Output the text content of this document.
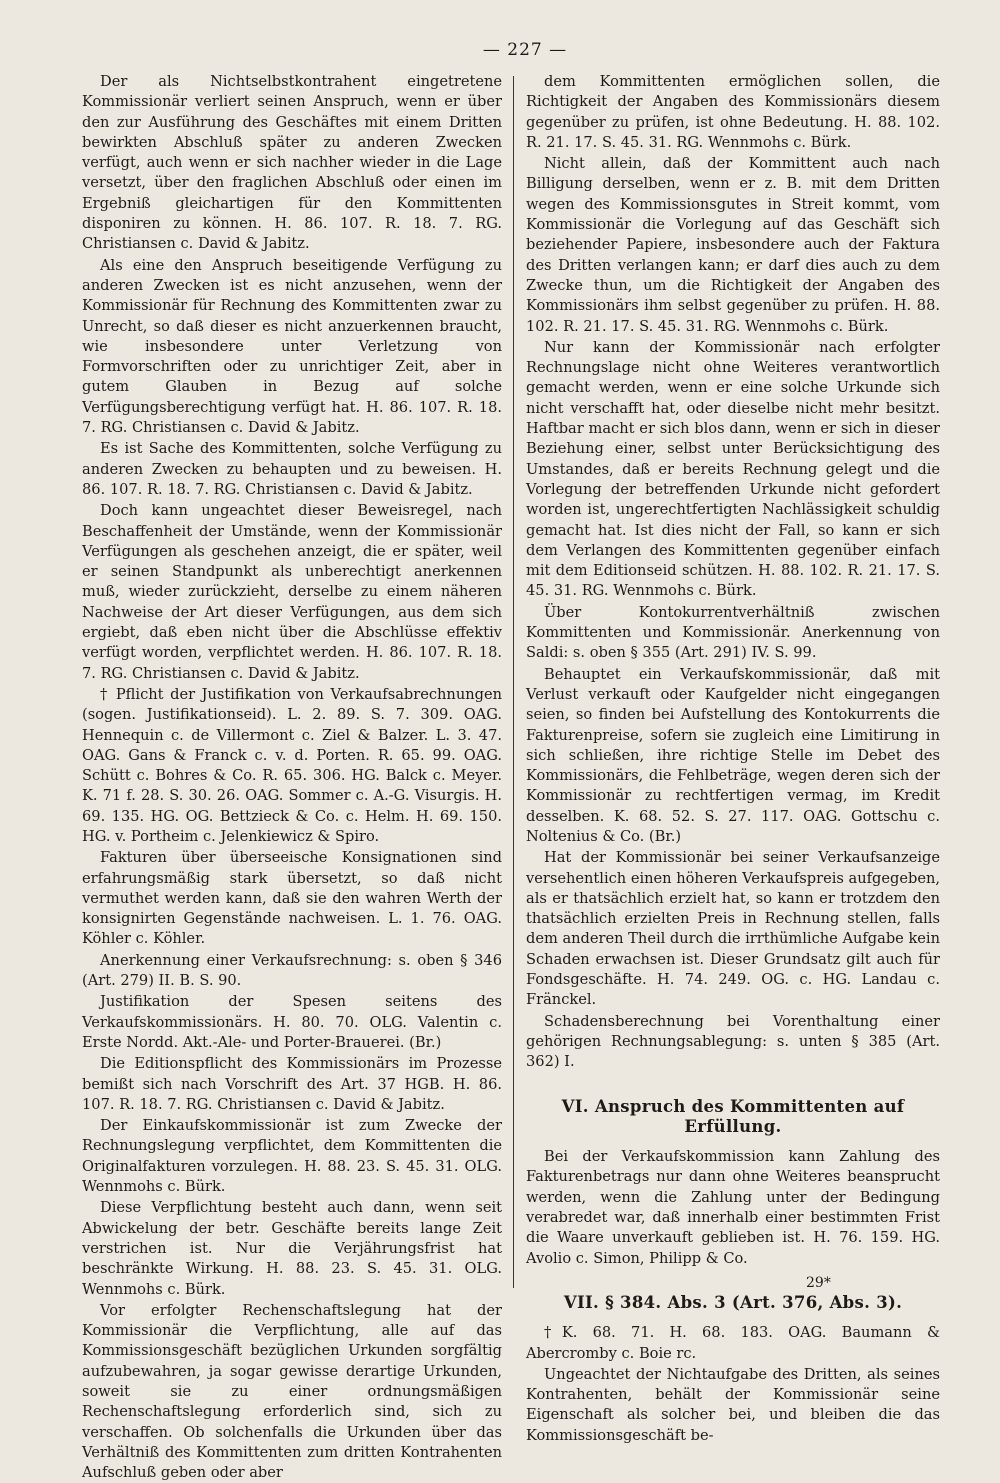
— 227 —

Der als Nichtselbstkontrahent eingetretene Kommissionär verliert seinen Anspruch, wenn er über den zur Ausführung des Geschäftes mit einem Dritten bewirkten Abschluß später zu anderen Zwecken verfügt, auch wenn er sich nachher wieder in die Lage versetzt, über den fraglichen Abschluß oder einen im Ergebniß gleichartigen für den Kommittenten disponiren zu können. H. 86. 107. R. 18. 7. RG. Christiansen c. David & Jabitz.

Als eine den Anspruch beseitigende Verfügung zu anderen Zwecken ist es nicht anzusehen, wenn der Kommissionär für Rechnung des Kommittenten zwar zu Unrecht, so daß dieser es nicht anzuerkennen braucht, wie insbesondere unter Verletzung von Formvorschriften oder zu unrichtiger Zeit, aber in gutem Glauben in Bezug auf solche Verfügungsberechtigung verfügt hat. H. 86. 107. R. 18. 7. RG. Christiansen c. David & Jabitz.

Es ist Sache des Kommittenten, solche Verfügung zu anderen Zwecken zu behaupten und zu beweisen. H. 86. 107. R. 18. 7. RG. Christiansen c. David & Jabitz.

Doch kann ungeachtet dieser Beweisregel, nach Beschaffenheit der Umstände, wenn der Kommissionär Verfügungen als geschehen anzeigt, die er später, weil er seinen Standpunkt als unberechtigt anerkennen muß, wieder zurückzieht, derselbe zu einem näheren Nachweise der Art dieser Verfügungen, aus dem sich ergiebt, daß eben nicht über die Abschlüsse effektiv verfügt worden, verpflichtet werden. H. 86. 107. R. 18. 7. RG. Christiansen c. David & Jabitz.

† Pflicht der Justifikation von Verkaufsabrechnungen (sogen. Justifikationseid). L. 2. 89. S. 7. 309. OAG. Hennequin c. de Villermont c. Ziel & Balzer. L. 3. 47. OAG. Gans & Franck c. v. d. Porten. R. 65. 99. OAG. Schütt c. Bohres & Co. R. 65. 306. HG. Balck c. Meyer. K. 71 f. 28. S. 30. 26. OAG. Sommer c. A.-G. Visurgis. H. 69. 135. HG. OG. Bettzieck & Co. c. Helm. H. 69. 150. HG. v. Portheim c. Jelenkiewicz & Spiro.

Fakturen über überseeische Konsignationen sind erfahrungsmäßig stark übersetzt, so daß nicht vermuthet werden kann, daß sie den wahren Werth der konsignirten Gegenstände nachweisen. L. 1. 76. OAG. Köhler c. Köhler.

Anerkennung einer Verkaufsrechnung: s. oben § 346 (Art. 279) II. B. S. 90.

Justifikation der Spesen seitens des Verkaufskommissionärs. H. 80. 70. OLG. Valentin c. Erste Nordd. Akt.-Ale- und Porter-Brauerei. (Br.)

Die Editionspflicht des Kommissionärs im Prozesse bemißt sich nach Vorschrift des Art. 37 HGB. H. 86. 107. R. 18. 7. RG. Christiansen c. David & Jabitz.

Der Einkaufskommissionär ist zum Zwecke der Rechnungslegung verpflichtet, dem Kommittenten die Originalfakturen vorzulegen. H. 88. 23. S. 45. 31. OLG. Wennmohs c. Bürk.

Diese Verpflichtung besteht auch dann, wenn seit Abwickelung der betr. Geschäfte bereits lange Zeit verstrichen ist. Nur die Verjährungsfrist hat beschränkte Wirkung. H. 88. 23. S. 45. 31. OLG. Wennmohs c. Bürk.

Vor erfolgter Rechenschaftslegung hat der Kommissionär die Verpflichtung, alle auf das Kommissionsgeschäft bezüglichen Urkunden sorgfältig aufzubewahren, ja sogar gewisse derartige Urkunden, soweit sie zu einer ordnungsmäßigen Rechenschaftslegung erforderlich sind, sich zu verschaffen. Ob solchenfalls die Urkunden über das Verhältniß des Kommittenten zum dritten Kontrahenten Aufschluß geben oder aber

dem Kommittenten ermöglichen sollen, die Richtigkeit der Angaben des Kommissionärs diesem gegenüber zu prüfen, ist ohne Bedeutung. H. 88. 102. R. 21. 17. S. 45. 31. RG. Wennmohs c. Bürk.

Nicht allein, daß der Kommittent auch nach Billigung derselben, wenn er z. B. mit dem Dritten wegen des Kommissionsgutes in Streit kommt, vom Kommissionär die Vorlegung auf das Geschäft sich beziehender Papiere, insbesondere auch der Faktura des Dritten verlangen kann; er darf dies auch zu dem Zwecke thun, um die Richtigkeit der Angaben des Kommissionärs ihm selbst gegenüber zu prüfen. H. 88. 102. R. 21. 17. S. 45. 31. RG. Wennmohs c. Bürk.

Nur kann der Kommissionär nach erfolgter Rechnungslage nicht ohne Weiteres verantwortlich gemacht werden, wenn er eine solche Urkunde sich nicht verschafft hat, oder dieselbe nicht mehr besitzt. Haftbar macht er sich blos dann, wenn er sich in dieser Beziehung einer, selbst unter Berücksichtigung des Umstandes, daß er bereits Rechnung gelegt und die Vorlegung der betreffenden Urkunde nicht gefordert worden ist, ungerechtfertigten Nachlässigkeit schuldig gemacht hat. Ist dies nicht der Fall, so kann er sich dem Verlangen des Kommittenten gegenüber einfach mit dem Editionseid schützen. H. 88. 102. R. 21. 17. S. 45. 31. RG. Wennmohs c. Bürk.

Über Kontokurrentverhältniß zwischen Kommittenten und Kommissionär. Anerkennung von Saldi: s. oben § 355 (Art. 291) IV. S. 99.

Behauptet ein Verkaufskommissionär, daß mit Verlust verkauft oder Kaufgelder nicht eingegangen seien, so finden bei Aufstellung des Kontokurrents die Fakturenpreise, sofern sie zugleich eine Limitirung in sich schließen, ihre richtige Stelle im Debet des Kommissionärs, die Fehlbeträge, wegen deren sich der Kommissionär zu rechtfertigen vermag, im Kredit desselben. K. 68. 52. S. 27. 117. OAG. Gottschu c. Noltenius & Co. (Br.)

Hat der Kommissionär bei seiner Verkaufsanzeige versehentlich einen höheren Verkaufspreis aufgegeben, als er thatsächlich erzielt hat, so kann er trotzdem den thatsächlich erzielten Preis in Rechnung stellen, falls dem anderen Theil durch die irrthümliche Aufgabe kein Schaden erwachsen ist. Dieser Grundsatz gilt auch für Fondsgeschäfte. H. 74. 249. OG. c. HG. Landau c. Fränckel.

Schadensberechnung bei Vorenthaltung einer gehörigen Rechnungsablegung: s. unten § 385 (Art. 362) I.

VI. Anspruch des Kommittenten auf Erfüllung.

Bei der Verkaufskommission kann Zahlung des Fakturenbetrags nur dann ohne Weiteres beansprucht werden, wenn die Zahlung unter der Bedingung verabredet war, daß innerhalb einer bestimmten Frist die Waare unverkauft geblieben ist. H. 76. 159. HG. Avolio c. Simon, Philipp & Co.

VII. § 384. Abs. 3 (Art. 376, Abs. 3).

†K. 68. 71. H. 68. 183. OAG. Baumann & Abercromby c. Boie rc.

Ungeachtet der Nichtaufgabe des Dritten, als seines Kontrahenten, behält der Kommissionär seine Eigenschaft als solcher bei, und bleiben die das Kommissionsgeschäft be-

29*
